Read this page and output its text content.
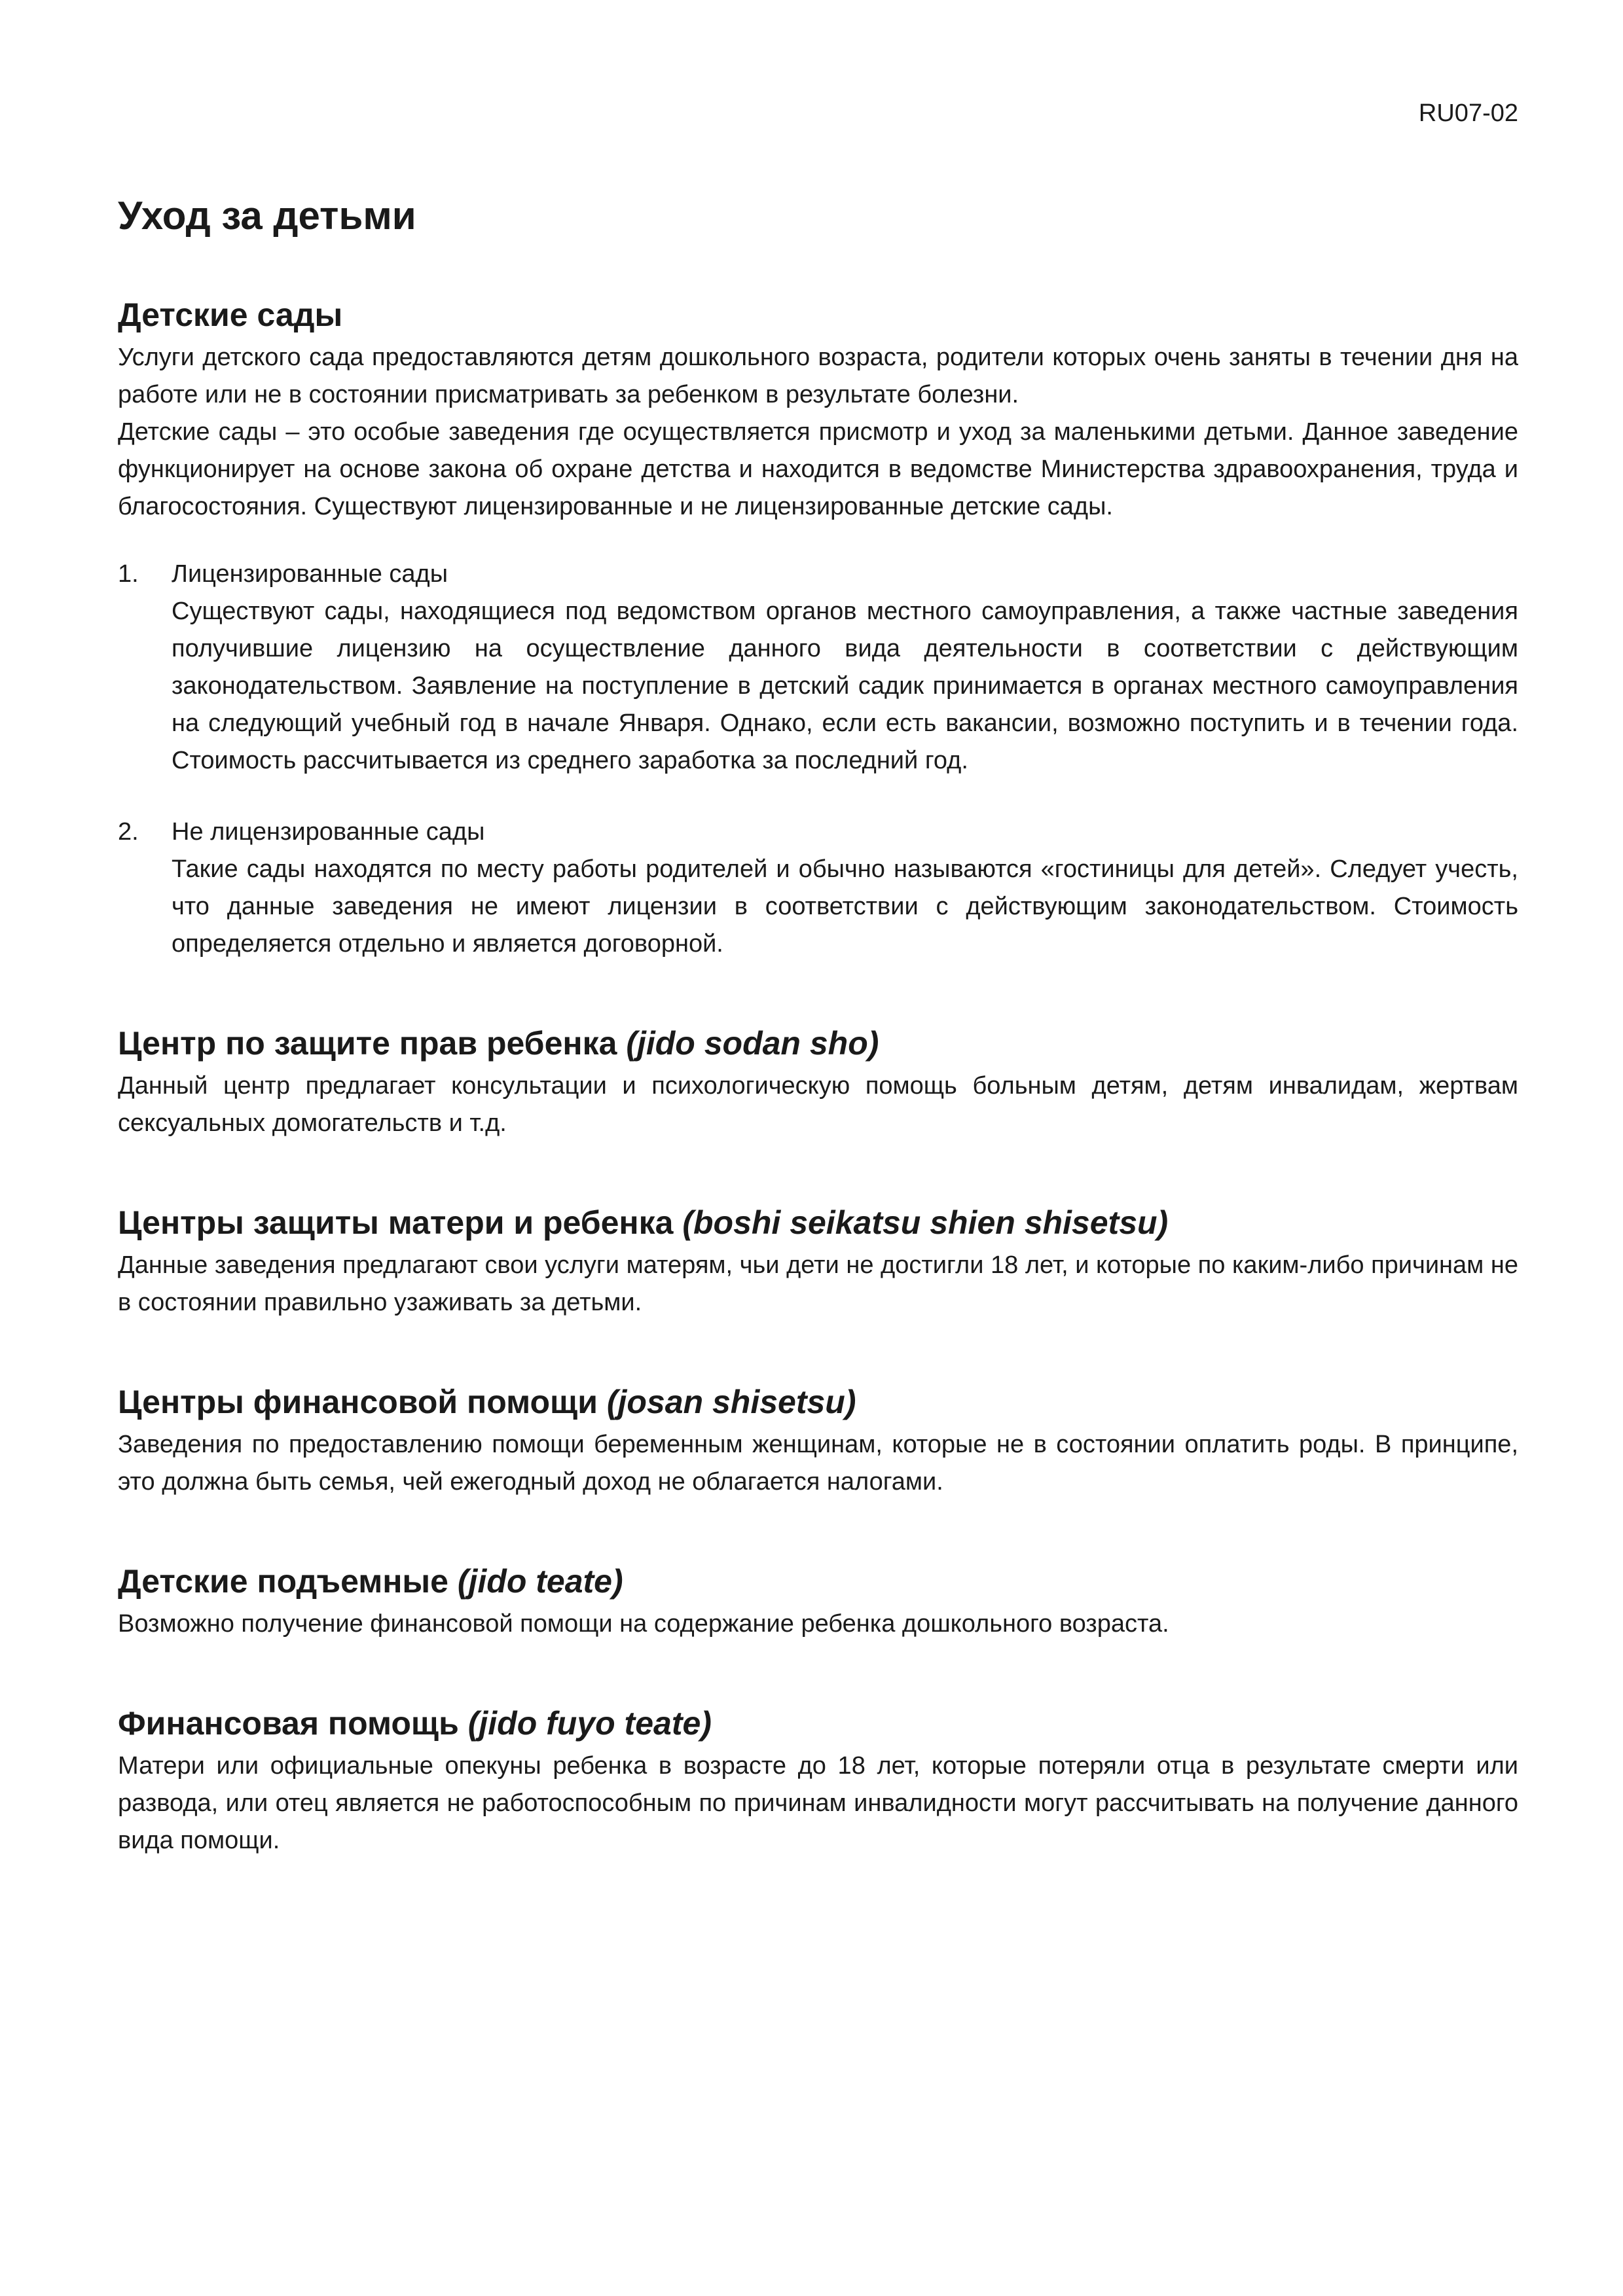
RU07-02
Уход за детьми
Детские сады

Услуги детского сада предоставляются детям дошкольного возраста, родители которых очень заняты в течении дня на работе или не в состоянии присматривать за ребенком в результате болезни.

Детские сады – это особые заведения где осуществляется присмотр и уход за маленькими детьми. Данное заведение функционирует на основе закона об охране детства и находится в ведомстве Министерства здравоохранения, труда и благосостояния. Существуют лицензированные и не лицензированные детские сады.

1. Лицензированные сады

Существуют сады, находящиеся под ведомством органов местного самоуправления, а также частные заведения получившие лицензию на осуществление данного вида деятельности в соответствии с действующим законодательством. Заявление на поступление в детский садик принимается в органах местного самоуправления на следующий учебный год в начале Января. Однако, если есть вакансии, возможно поступить и в течении года. Стоимость рассчитывается из среднего заработка за последний год.

2. Не лицензированные сады

Такие сады находятся по месту работы родителей и обычно называются «гостиницы для детей». Следует учесть, что данные заведения не имеют лицензии в соответствии с действующим законодательством. Стоимость определяется отдельно и является договорной.

Центр по защите прав ребенка (jido sodan sho)

Данный центр предлагает консультации и психологическую помощь больным детям, детям инвалидам, жертвам сексуальных домогательств и т.д.

Центры защиты матери и ребенка (boshi seikatsu shien shisetsu)

Данные заведения предлагают свои услуги матерям, чьи дети не достигли 18 лет, и которые по каким-либо причинам не в состоянии правильно узаживать за детьми.

Центры финансовой помощи (josan shisetsu)

Заведения по предоставлению помощи беременным женщинам, которые не в состоянии оплатить роды. В принципе, это должна быть семья, чей ежегодный доход не облагается налогами.

Детские подъемные (jido teate)

Возможно получение финансовой помощи на содержание ребенка дошкольного возраста.

Финансовая помощь (jido fuyo teate)

Матери или официальные опекуны ребенка в возрасте до 18 лет, которые потеряли отца в результате смерти или развода, или отец является не работоспособным по причинам инвалидности могут рассчитывать на получение данного вида помощи.
